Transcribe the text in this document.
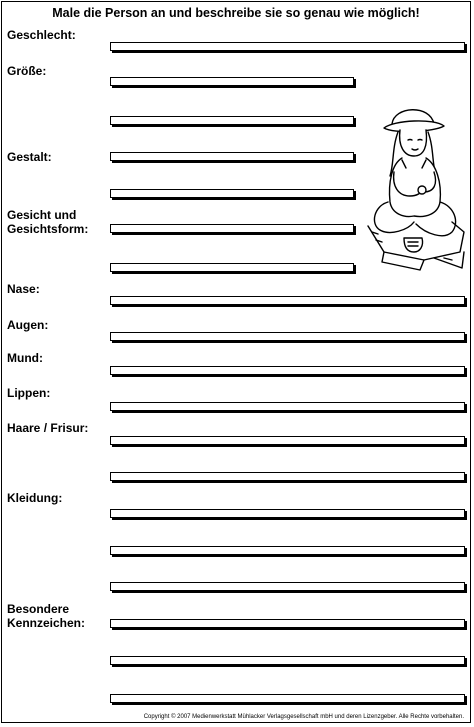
Male die Person an und beschreibe sie so genau wie möglich!
Geschlecht:
Größe:
Gestalt:
Gesicht und
Gesichtsform:
Nase:
Augen:
Mund:
Lippen:
Haare / Frisur:
Kleidung:
Besondere
Kennzeichen:
Copyright © 2007 Medienwerkstatt Mühlacker Verlagsgesellschaft mbH und deren Lizenzgeber. Alle Rechte vorbehalten.
